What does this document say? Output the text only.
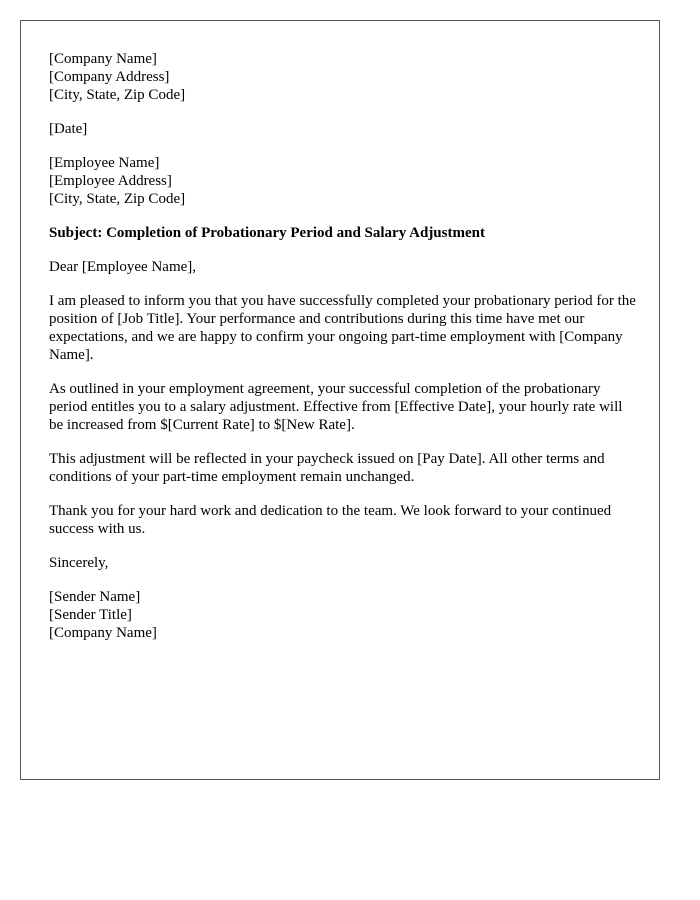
[Company Name]
[Company Address]
[City, State, Zip Code]
[Date]
[Employee Name]
[Employee Address]
[City, State, Zip Code]
Subject: Completion of Probationary Period and Salary Adjustment
Dear [Employee Name],

I am pleased to inform you that you have successfully completed your probationary period for the position of [Job Title]. Your performance and contributions during this time have met our expectations, and we are happy to confirm your ongoing part-time employment with [Company Name].

As outlined in your employment agreement, your successful completion of the probationary period entitles you to a salary adjustment. Effective from [Effective Date], your hourly rate will be increased from $[Current Rate] to $[New Rate].

This adjustment will be reflected in your paycheck issued on [Pay Date]. All other terms and conditions of your part-time employment remain unchanged.

Thank you for your hard work and dedication to the team. We look forward to your continued success with us.

Sincerely,
[Sender Name]
[Sender Title]
[Company Name]
